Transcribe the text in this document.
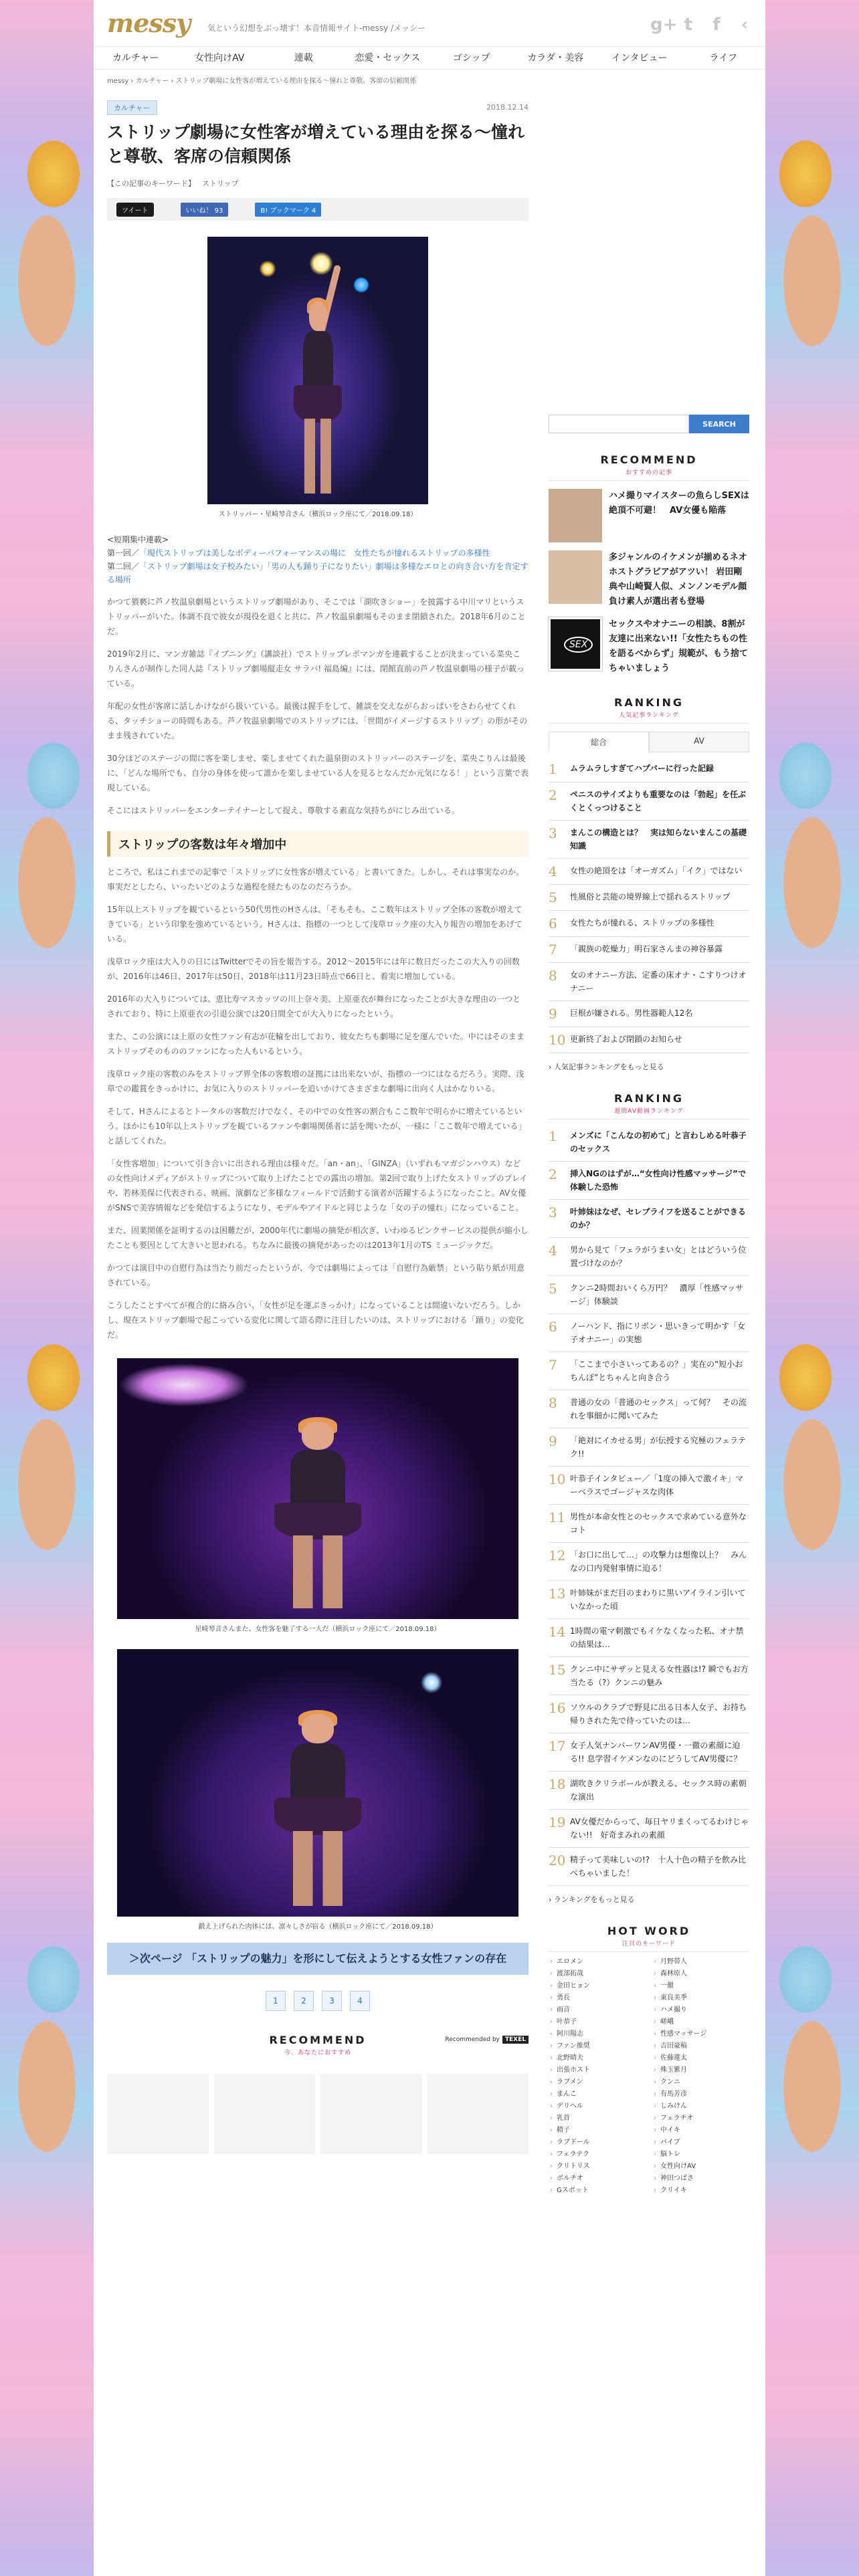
messy 気という幻想をぶっ壊す！本音情報サイト-messy /メッシー	g+ t	f	‹
カルチャー	女性向けAV	連載	恋愛・セックス	ゴシップ	カラダ・美容	インタビュー	ライフ
messy › カルチャー › ストリップ劇場に女性客が増えている理由を探る〜憧れと尊敬、客席の信頼関係
カルチャー	2018.12.14
ストリップ劇場に女性客が増えている理由を探る〜憧れと尊敬、客席の信頼関係
【この記事のキーワード】 ストリップ
ツイート	いいね！ 93	B! ブックマーク 4
ストリッパー・星崎琴音さん（横浜ロック座にて／2018.09.18）
<短期集中連載>
第一回／「現代ストリップは美しなボディーパフォーマンスの場に　女性たちが憧れるストリップの多様性
第二回／「ストリップ劇場は女子校みたい」「男の人も踊り子になりたい」劇場は多様なエロとの向き合い方を肯定する場所

かつて猥褻に芦ノ牧温泉劇場というストリップ劇場があり、そこでは「湖吹きショー」を披露する中川マリというストリッパーがいた。体調不良で彼女が現役を退くと共に、芦ノ牧温泉劇場もそのまま閉鎖された。2018年6月のことだ。

2019年2月に、マンガ雑誌『イブニング』（講談社）でストリップレポマンガを連載することが決まっている菜央こりんさんが制作した同人誌『ストリップ劇場縦走女 サラバ! 福島編』には、閉館直前の芦ノ牧温泉劇場の様子が載っている。

年配の女性が客席に話しかけながら扱いている。最後は握手をして、雑談を交えながらおっぱいをさわらせてくれる、タッチショーの時間もある。芦ノ牧温泉劇場でのストリップには、「世間がイメージするストリップ」の形がそのまま残されていた。

30分ほどのステージの間に客を楽しませ、楽しませてくれた温泉街のストリッパーのステージを、菜央こりんは最後に、「どんな場所でも、自分の身体を使って誰かを楽しませている人を見るとなんだか元気になる！」という言葉で表現している。

そこにはストリッパーをエンターテイナーとして捉え、尊敬する素直な気持ちがにじみ出ている。

ストリップの客数は年々増加中

ところで、私はこれまでの記事で「ストリップに女性客が増えている」と書いてきた。しかし、それは事実なのか。事実だとしたら、いったいどのような過程を経たものなのだろうか。

15年以上ストリップを観ているという50代男性のHさんは、「そもそも、ここ数年はストリップ全体の客数が増えてきている」という印象を強めているという。Hさんは、指標の一つとして浅草ロック座の大入り報告の増加をあげている。

浅草ロック座は大入りの日にはTwitterでその旨を報告する。2012〜2015年には年に数日だったこの大入りの回数が、2016年は46日、2017年は50日、2018年は11月23日時点で66日と、着実に増加している。

2016年の大入りについては、恵比寿マスカッツの川上奈々美、上原亜衣が舞台になったことが大きな理由の一つとされており、特に上原亜衣の引退公演では20日間全てが大入りになったという。

また、この公演には上原の女性ファン有志が花輪を出しており、彼女たちも劇場に足を運んでいた。中にはそのままストリップそのもののファンになった人もいるという。

浅草ロック座の客数のみをストリップ界全体の客数増の証拠には出来ないが、指標の一つにはなるだろう。実際、浅草での鑑賞をきっかけに、お気に入りのストリッパーを追いかけてさまざまな劇場に出向く人はかなりいる。

そして、Hさんによるとトータルの客数だけでなく、その中での女性客の割合もここ数年で明らかに増えているという。ほかにも10年以上ストリップを観ているファンや劇場関係者に話を聞いたが、一様に「ここ数年で増えている」と話してくれた。

「女性客増加」について引き合いに出される理由は様々だ。「an・an」、「GINZA」（いずれもマガジンハウス）などの女性向けメディアがストリップについて取り上げたことでの露出の増加。第2回で取り上げた女ストリップのプレイや、若林美保に代表される、映画、演劇など多様なフィールドで活動する演者が活躍するようになったこと。AV女優がSNSで美容情報などを発信するようになり、モデルやアイドルと同じような「女の子の憧れ」になっていること。

また、固業関係を証明するのは困難だが、2000年代に劇場の摘発が相次ぎ、いわゆるピンクサービスの提供が縮小したことも要因として大きいと思われる。ちなみに最後の摘発があったのは2013年1月のTS ミュージックだ。

かつては演目中の自慰行為は当たり前だったというが、今では劇場によっては「自慰行為厳禁」という貼り紙が用意されている。

こうしたことすべてが複合的に絡み合い、「女性が足を運ぶきっかけ」になっていることは間違いないだろう。しかし、現在ストリップ劇場で起こっている変化に関して語る際に注目したいのは、ストリップにおける「踊り」の変化だ。

星崎琴音さんまた、女性客を魅了する一人だ（横浜ロック座にて／2018.09.18）
鍛え上げられた肉体には、凛々しさが宿る（横浜ロック座にて／2018.09.18）
＞次ページ 「ストリップの魅力」を形にして伝えようとする女性ファンの存在
1	2	3	4
RECOMMEND
今、あなたにおすすめ
Recommended by TEXEL
SEARCH
RECOMMEND
おすすめの記事
ハメ撮りマイスターの魚らしSEXは絶頂不可避！　AV女優も陥落
多ジャンルのイケメンが揃めるネオホストグラビアがアツい！ 岩田剛典や山崎賢人似、メンノンモデル顔負け素人が選出者も登場
SEX
セックスやオナニーの相談、8割が友達に出来ない!!「女性たちもの性を語るべからず」規範が、もう捨てちゃいましょう
RANKING
人気記事ランキング
総合	AV
1	ムラムラしすぎてハプバーに行った記録
2	ペニスのサイズよりも重要なのは「勃起」を任ぶくとくっつけること
3	まんこの構造とは？　実は知らないまんこの基礎知識
4	女性の絶頂をは「オーガズム」「イク」ではない
5	性風俗と芸能の境界線上で揺れるストリップ
6	女性たちが憧れる、ストリップの多様性
7	「親族の乾燥力」明石家さんまの神谷暴露
8	女のオナニー方法、定番の床オナ・こすりつけオナニー
9	巨根が嫌される。男性器範人12名
10 更新終了および閉鎖のお知らせ
› 人気記事ランキングをもっと見る
RANKING
週間AV動画ランキング
1	メンズに「こんなの初めて」と言わしめる叶恭子のセックス
2	挿入NGのはずが…“女性向け性感マッサージ”で体験した恐怖
3	叶姉妹はなぜ、セレブライフを送ることができるのか？
4	男から見て「フェラがうまい女」とはどういう位置づけなのか？
5	クンニ2時間おいくら万円？　濃厚「性感マッサージ」体験談
6	ノーハンド、指にリボン・思いきって明かす「女子オナニー」の実態
7	「ここまで小さいってあるの？」実在の“短小おちんぽ”とちゃんと向き合う
8	普通の女の「普通のセックス」って何？　その流れを事細かに聞いてみた
9	「絶対にイカせる男」が伝授する究極のフェラテク!!
10 叶恭子インタビュー／「1度の挿入で激イキ」マーベラスでゴージャスな肉体
11 男性が本命女性とのセックスで求めている意外なコト
12 「お口に出して…」の攻撃力は想像以上？　みんなの口内発射事情に迫る！
13 叶姉妹がまだ目のまわりに黒いアイライン引いていなかった頃
14 1時間の電マ刺激でもイケなくなった私、オナ禁の結果は…
15 クンニ中にサザッと見える女性器は!? 瞬でもお方当たる（?）クンニの魅み
16 ソウルのクラブで野見に出る日本人女子、お持ち帰りされた先で待っていたのは…
17 女子人気ナンバーワンAV男優・一徹の素顔に迫る!! 息学習イケメンなのにどうしてAV男優に？
18 湖吹きクリラボールが教える、セックス時の素朝な演出
19 AV女優だからって、毎日ヤリまくってるわけじゃない!!　好奇まみれの素顔
20 精子って美味しいの!?　十人十色の精子を飲み比べちゃいました！
› ランキングをもっと見る
HOT WORD
注目のキーワード
› エロメン	› 月野帯人
› 渡部拓哉	› 森林原人
› 金田ヒョン	› 一徹
› 勇長	› 東良美季
› 雨音	› ハメ撮り
› 叶恭子	› 嵯峨
› 阿川陽志	› 性感マッサージ
› ファン推奨	› 吉田豪稿
› 北野晴夫	› 佐藤蓮太
› 出張ホスト	› 殊玉紫月
› ラブメン	› クンニ
› まんこ	› 有馬芳彦
› デリヘル	› しみけん
› 乳首	› フェラチオ
› 精子	› 中イキ
› ラブドール	› パイブ
› フェラテク	› 脳トレ
› クリトリス	› 女性向けAV
› ボルチオ	› 神田つばさ
› Gスポット	› クリイキ
